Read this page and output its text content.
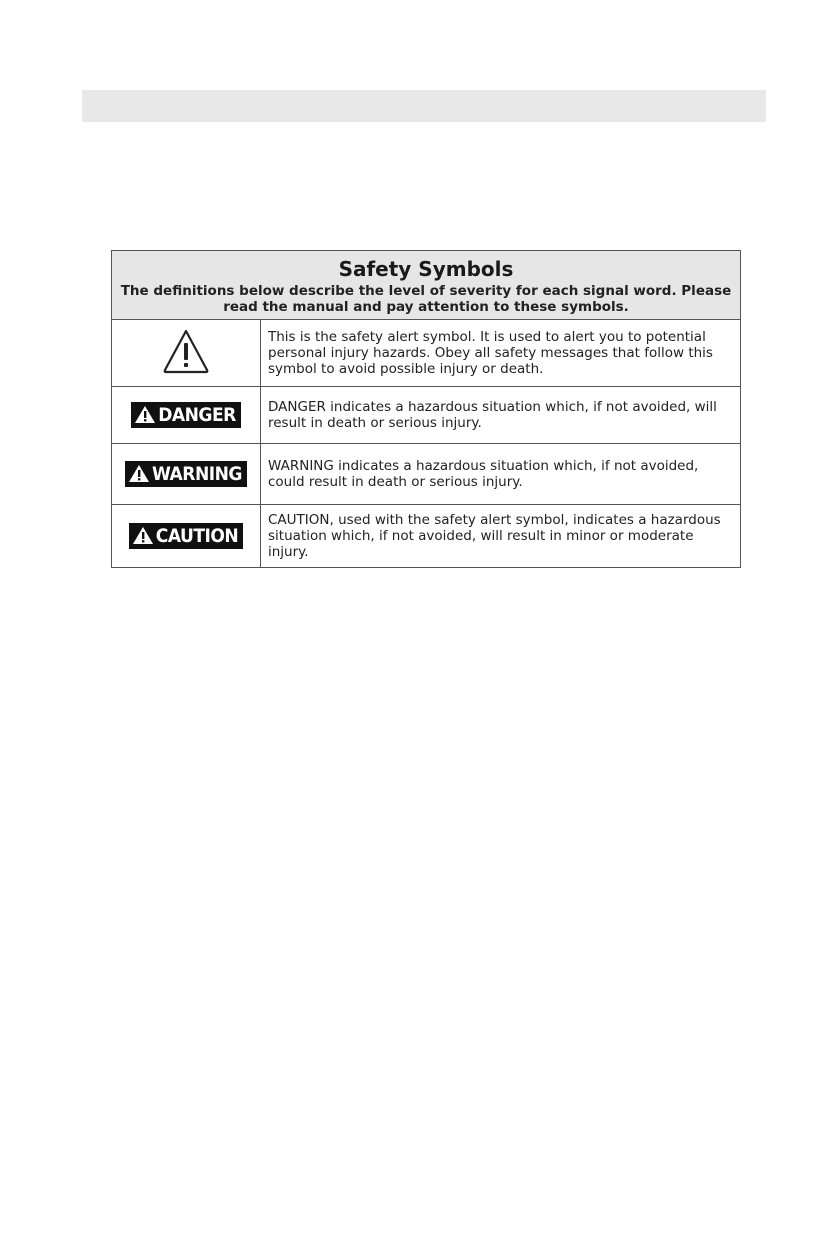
Safety Symbols
The definitions below describe the level of severity for each signal word. Please read the manual and pay attention to these symbols.	

	This is the safety alert symbol. It is used to alert you to potential personal injury hazards. Obey all safety messages that follow this symbol to avoid possible injury or death.

DANGER	DANGER indicates a hazardous situation which, if not avoided, will result in death or serious injury.

WARNING	WARNING indicates a hazardous situation which, if not avoided, could result in death or serious injury.

CAUTION	CAUTION, used with the safety alert symbol, indicates a hazardous situation which, if not avoided, will result in minor or moderate injury.
